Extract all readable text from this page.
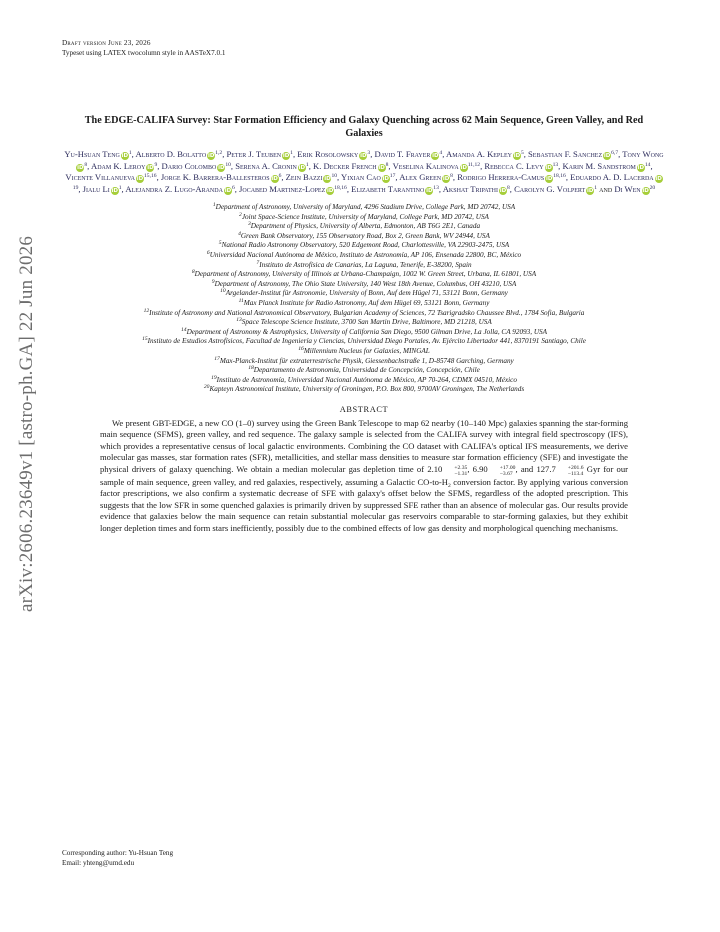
arXiv:2606.23649v1 [astro-ph.GA] 22 Jun 2026
Draft version June 23, 2026
Typeset using LATEX twocolumn style in AASTeX7.0.1
The EDGE-CALIFA Survey: Star Formation Efficiency and Galaxy Quenching across 62 Main Sequence, Green Valley, and Red Galaxies
Yu-Hsuan Teng $iD^1$, Alberto D. Bolatto iD$^{1,2}$, Peter J. Teuben $iD^1$, Erik Rosolowsky $iD^3$, David T. Frayer $iD^4$, Amanda A. Kepley $iD^5$, Sebastian F. Sanchez iD$^{6,7}$, Tony WongiD$^8$, Adam K. Leroy $iD^9$, Dario Colombo $iD^{10}$, Serena A. Cronin $iD^1$, K. Decker French $iD^8$, Veselina Kalinova iD$^{11,12}$, Rebecca C. Levy $iD^{13}$, Karin M. Sandstrom $iD^{14}$, Vicente Villanueva iD$^{15,16}$, Jorge K. Barrera-Ballesteros $iD^6$, Zein Bazzi $iD^{10}$, Yixian Cao $iD^{17}$, Alex Green $iD^8$, Rodrigo Herrera-Camus iD$^{18,16}$, Eduardo A. D. Lacerda $iD^{19}$, Jialu Li $iD^1$, Alejandra Z. Lugo-Aranda $iD^6$, Jocabed Martinez-Lopez iD$^{18,16}$, Elizabeth Tarantino $iD^{13}$, Akshat Tripathi $iD^8$, Carolyn G. Volpert $iD^1$ and Di Wen $iD^{20}$
$^1$Department of Astronomy, University of Maryland, 4296 Stadium Drive, College Park, MD 20742, USA
$^2$Joint Space-Science Institute, University of Maryland, College Park, MD 20742, USA
$^3$Department of Physics, University of Alberta, Edmonton, AB T6G 2E1, Canada
$^4$Green Bank Observatory, 155 Observatory Road, Box 2, Green Bank, WV 24944, USA
$^5$National Radio Astronomy Observatory, 520 Edgemont Road, Charlottesville, VA 22903-2475, USA
$^6$Universidad Nacional Autónoma de México, Instituto de Astronomía, AP 106, Ensenada 22800, BC, México
$^7$Instituto de Astrofísica de Canarias, La Laguna, Tenerife, E-38200, Spain
$^8$Department of Astronomy, University of Illinois at Urbana-Champaign, 1002 W. Green Street, Urbana, IL 61801, USA
$^9$Department of Astronomy, The Ohio State University, 140 West 18th Avenue, Columbus, OH 43210, USA
$^{10}$Argelander-Institut für Astronomie, University of Bonn, Auf dem Hügel 71, 53121 Bonn, Germany
$^{11}$Max Planck Institute for Radio Astronomy, Auf dem Hügel 69, 53121 Bonn, Germany
$^{12}$Institute of Astronomy and National Astronomical Observatory, Bulgarian Academy of Sciences, 72 Tsarigradsko Chaussee Blvd., 1784 Sofia, Bulgaria
$^{13}$Space Telescope Science Institute, 3700 San Martin Drive, Baltimore, MD 21218, USA
$^{14}$Department of Astronomy & Astrophysics, University of California San Diego, 9500 Gilman Drive, La Jolla, CA 92093, USA
$^{15}$Instituto de Estudios Astrofísicos, Facultad de Ingeniería y Ciencias, Universidad Diego Portales, Av. Ejército Libertador 441, 8370191 Santiago, Chile
$^{16}$Millennium Nucleus for Galaxies, MINGAL
$^{17}$Max-Planck-Institut für extraterrestrische Physik, Giessenbachstraße 1, D-85748 Garching, Germany
$^{18}$Departamento de Astronomía, Universidad de Concepción, Concepción, Chile
$^{19}$Instituto de Astronomía, Universidad Nacional Autónoma de México, AP 70-264, CDMX 04510, México
$^{20}$Kapteyn Astronomical Institute, University of Groningen, P.O. Box 800, 9700AV Groningen, The Netherlands
ABSTRACT
We present GBT-EDGE, a new CO (1–0) survey using the Green Bank Telescope to map 62 nearby (10–140 Mpc) galaxies spanning the star-forming main sequence (SFMS), green valley, and red sequence. The galaxy sample is selected from the CALIFA survey with integral field spectroscopy (IFS), which provides a representative census of local galactic environments. Combining the CO dataset with CALIFA's optical IFS measurements, we derive molecular gas masses, star formation rates (SFR), metallicities, and stellar mass densities to measure star formation efficiency (SFE) and investigate the physical drivers of galaxy quenching. We obtain a median molecular gas depletion time of 2.10	+2.35
−1.31 , 6.90	+17.00
−3.67 , and 127.7	+201.6
−113.4 Gyr for our sample of main sequence, green valley, and red galaxies, respectively, assuming a Galactic $CO-to-H_2$ conversion factor. By applying various conversion factor prescriptions, we also confirm a systematic decrease of SFE with galaxy's offset below the SFMS, regardless of the adopted prescription. This suggests that the low SFR in some quenched galaxies is primarily driven by suppressed SFE rather than an absence of molecular gas. Our results provide evidence that galaxies below the main sequence can retain substantial molecular gas reservoirs comparable to star-forming galaxies, but they exhibit longer depletion times and form stars inefficiently, possibly due to the combined effects of low gas density and morphological quenching mechanisms.
Corresponding author: Yu-Hsuan Teng
Email: yhteng@umd.edu
